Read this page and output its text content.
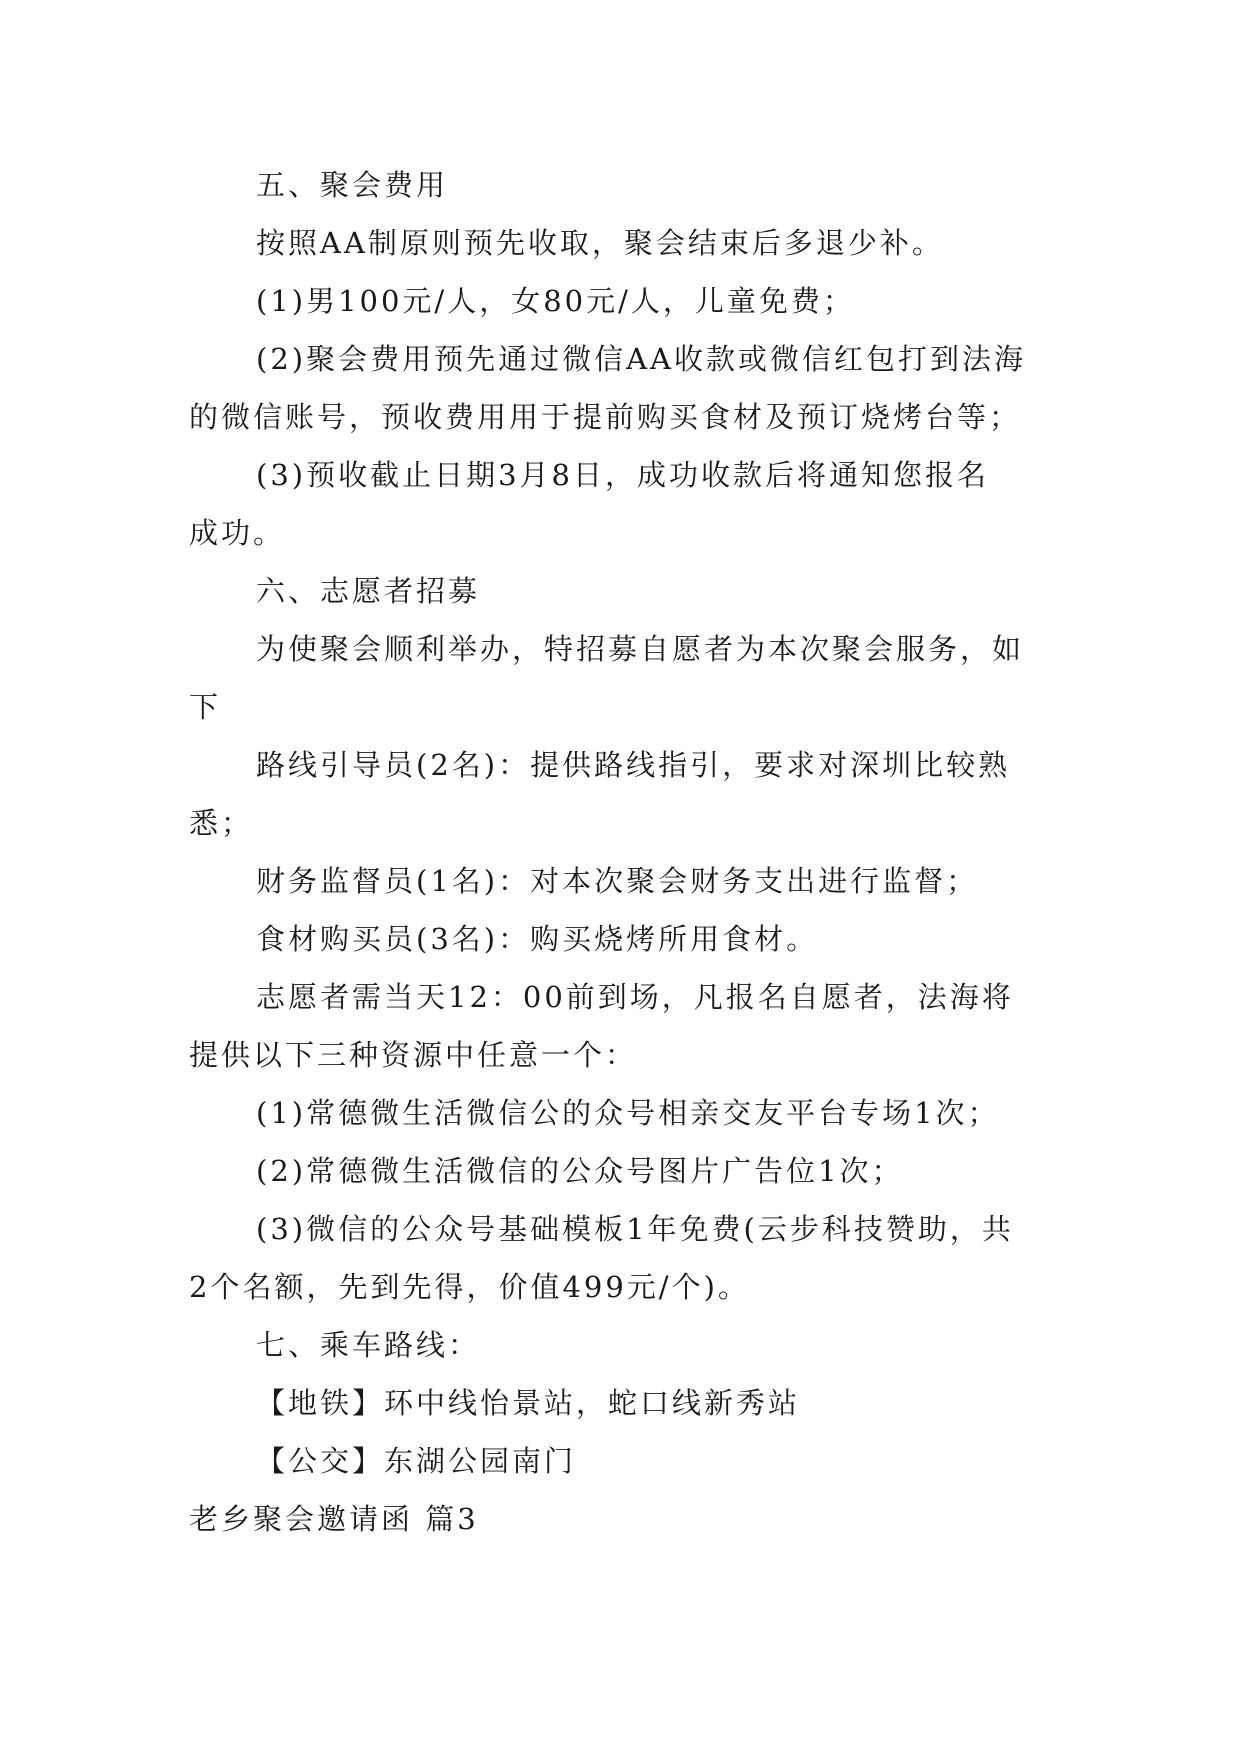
五、聚会费用
按照AA制原则预先收取，聚会结束后多退少补。
(1)男100元/人，女80元/人，儿童免费；
(2)聚会费用预先通过微信AA收款或微信红包打到法海
的微信账号，预收费用用于提前购买食材及预订烧烤台等；
(3)预收截止日期3月8日，成功收款后将通知您报名
成功。
六、志愿者招募
为使聚会顺利举办，特招募自愿者为本次聚会服务，如
下
路线引导员(2名)：提供路线指引，要求对深圳比较熟
悉；
财务监督员(1名)：对本次聚会财务支出进行监督；
食材购买员(3名)：购买烧烤所用食材。
志愿者需当天12：00前到场，凡报名自愿者，法海将
提供以下三种资源中任意一个：
(1)常德微生活微信公的众号相亲交友平台专场1次；
(2)常德微生活微信的公众号图片广告位1次；
(3)微信的公众号基础模板1年免费(云步科技赞助，共
2个名额，先到先得，价值499元/个)。
七、乘车路线：
【地铁】环中线怡景站，蛇口线新秀站
【公交】东湖公园南门
老乡聚会邀请函 篇3
